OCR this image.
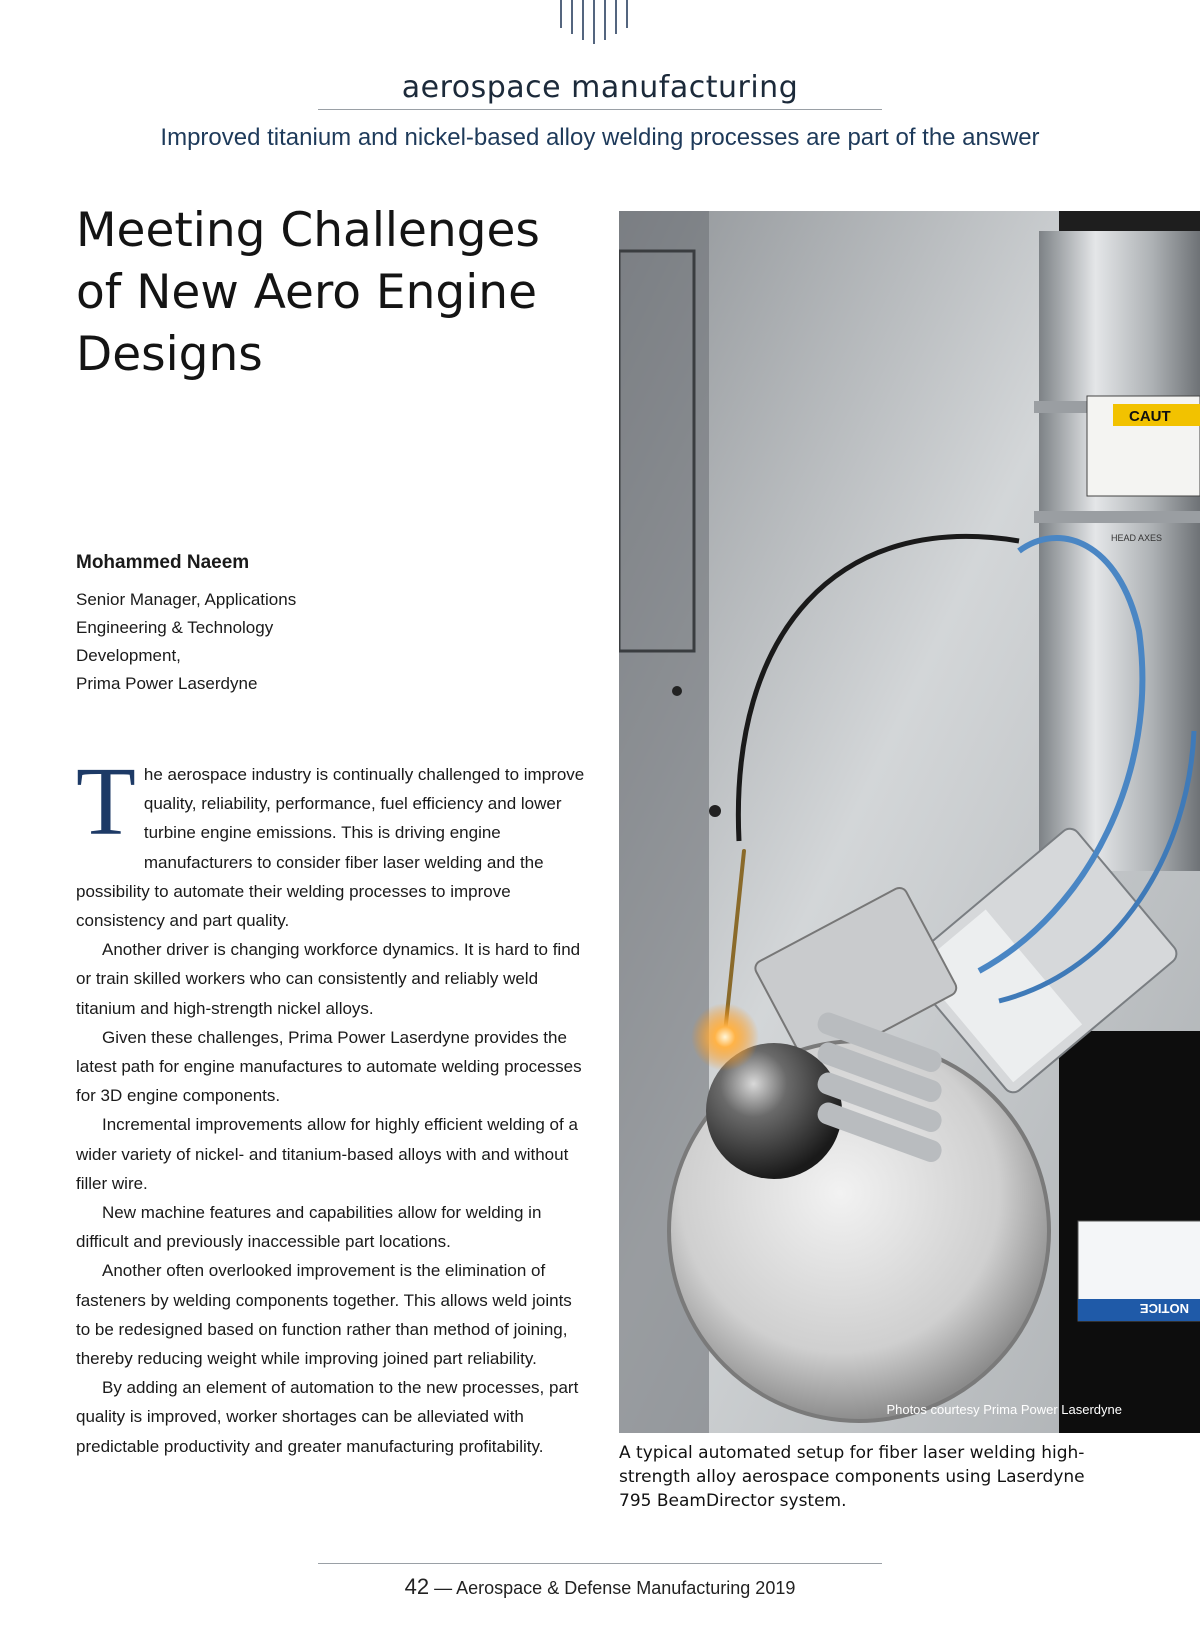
aerospace manufacturing
Improved titanium and nickel-based alloy welding processes are part of the answer
Meeting Challenges
of New Aero Engine
Designs
Mohammed Naeem
Senior Manager, Applications
Engineering & Technology
Development,
Prima Power Laserdyne

The aerospace industry is continually challenged to improve quality, reliability, performance, fuel efficiency and lower turbine engine emissions. This is driving engine manufacturers to consider fiber laser welding and the possibility to automate their welding processes to improve consistency and part quality.

Another driver is changing workforce dynamics. It is hard to find or train skilled workers who can consistently and reliably weld titanium and high-strength nickel alloys.

Given these challenges, Prima Power Laserdyne provides the latest path for engine manufactures to automate welding processes for 3D engine components.

Incremental improvements allow for highly efficient welding of a wider variety of nickel- and titanium-based alloys with and without filler wire.

New machine features and capabilities allow for welding in difficult and previously inaccessible part locations.

Another often overlooked improvement is the elimination of fasteners by welding components together. This allows weld joints to be redesigned based on function rather than method of joining, thereby reducing weight while improving joined part reliability.

By adding an element of automation to the new processes, part quality is improved, worker shortages can be alleviated with predictable productivity and greater manufacturing profitability.

CAUT
HEAD AXES
NOTICE
Photos courtesy Prima Power Laserdyne
A typical automated setup for fiber laser welding high-strength alloy aerospace components using Laserdyne 795 BeamDirector system.
42 — Aerospace & Defense Manufacturing 2019
